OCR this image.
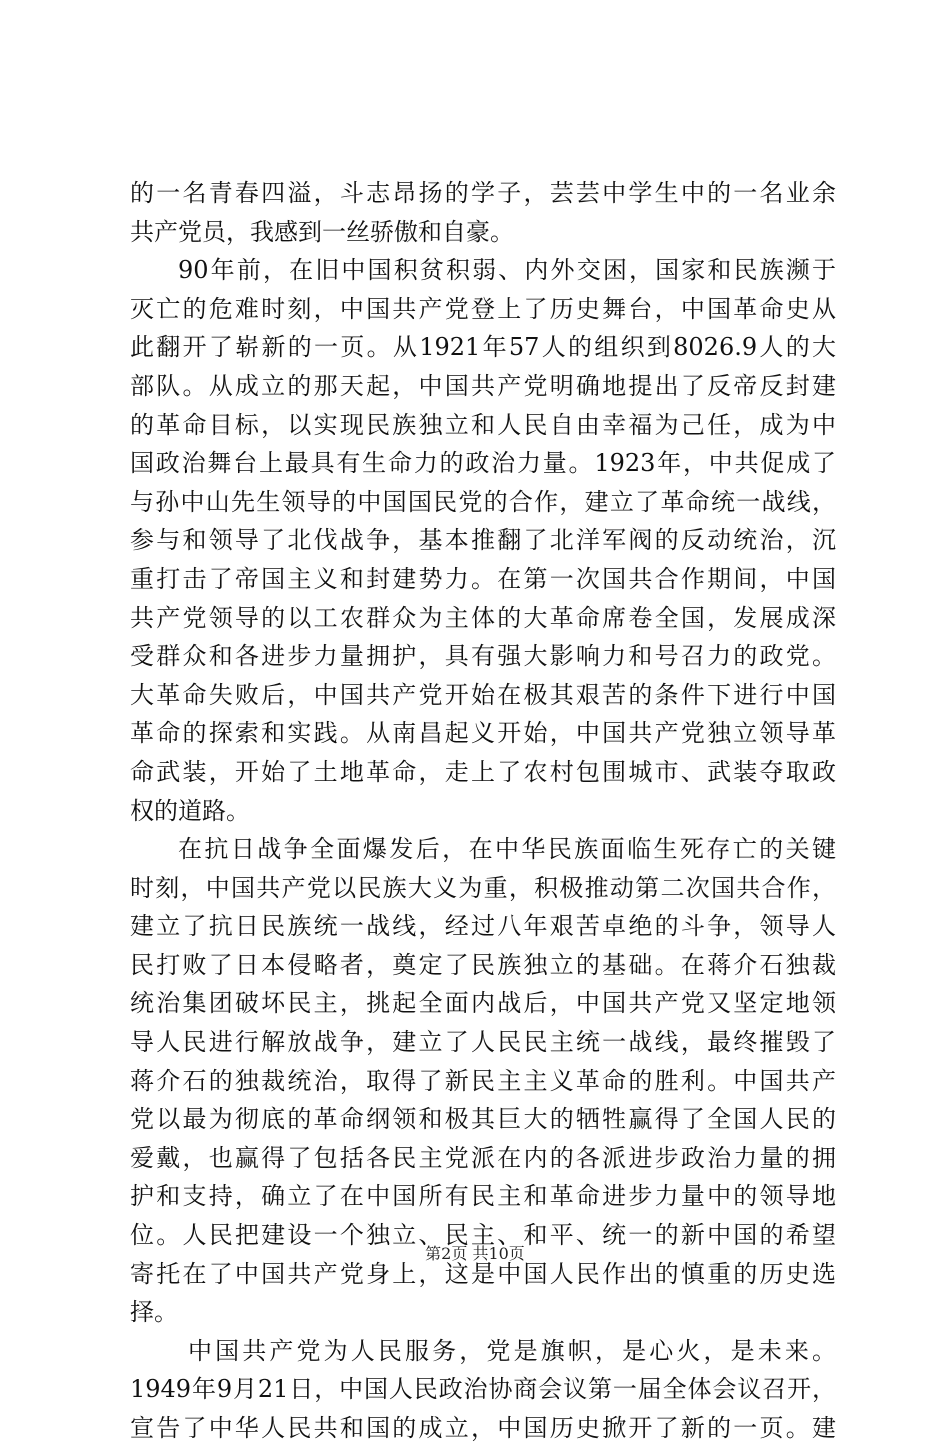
的一名青春四溢，斗志昂扬的学子，芸芸中学生中的一名业余
共产党员，我感到一丝骄傲和自豪。
90年前，在旧中国积贫积弱、内外交困，国家和民族濒于
灭亡的危难时刻，中国共产党登上了历史舞台，中国革命史从
此翻开了崭新的一页。从1921年57人的组织到8026.9人的大
部队。从成立的那天起，中国共产党明确地提出了反帝反封建
的革命目标，以实现民族独立和人民自由幸福为己任，成为中
国政治舞台上最具有生命力的政治力量。1923年，中共促成了
与孙中山先生领导的中国国民党的合作，建立了革命统一战线，
参与和领导了北伐战争，基本推翻了北洋军阀的反动统治，沉
重打击了帝国主义和封建势力。在第一次国共合作期间，中国
共产党领导的以工农群众为主体的大革命席卷全国，发展成深
受群众和各进步力量拥护，具有强大影响力和号召力的政党。
大革命失败后，中国共产党开始在极其艰苦的条件下进行中国
革命的探索和实践。从南昌起义开始，中国共产党独立领导革
命武装，开始了土地革命，走上了农村包围城市、武装夺取政
权的道路。
在抗日战争全面爆发后，在中华民族面临生死存亡的关键
时刻，中国共产党以民族大义为重，积极推动第二次国共合作，
建立了抗日民族统一战线，经过八年艰苦卓绝的斗争，领导人
民打败了日本侵略者，奠定了民族独立的基础。在蒋介石独裁
统治集团破坏民主，挑起全面内战后，中国共产党又坚定地领
导人民进行解放战争，建立了人民民主统一战线，最终摧毁了
蒋介石的独裁统治，取得了新民主主义革命的胜利。中国共产
党以最为彻底的革命纲领和极其巨大的牺牲赢得了全国人民的
爱戴，也赢得了包括各民主党派在内的各派进步政治力量的拥
护和支持，确立了在中国所有民主和革命进步力量中的领导地
位。人民把建设一个独立、民主、和平、统一的新中国的希望
寄托在了中国共产党身上，这是中国人民作出的慎重的历史选
择。
中国共产党为人民服务，党是旗帜，是心火，是未来。
1949年9月21日，中国人民政治协商会议第一届全体会议召开，
宣告了中华人民共和国的成立，中国历史掀开了新的一页。建
第2页 共10页
